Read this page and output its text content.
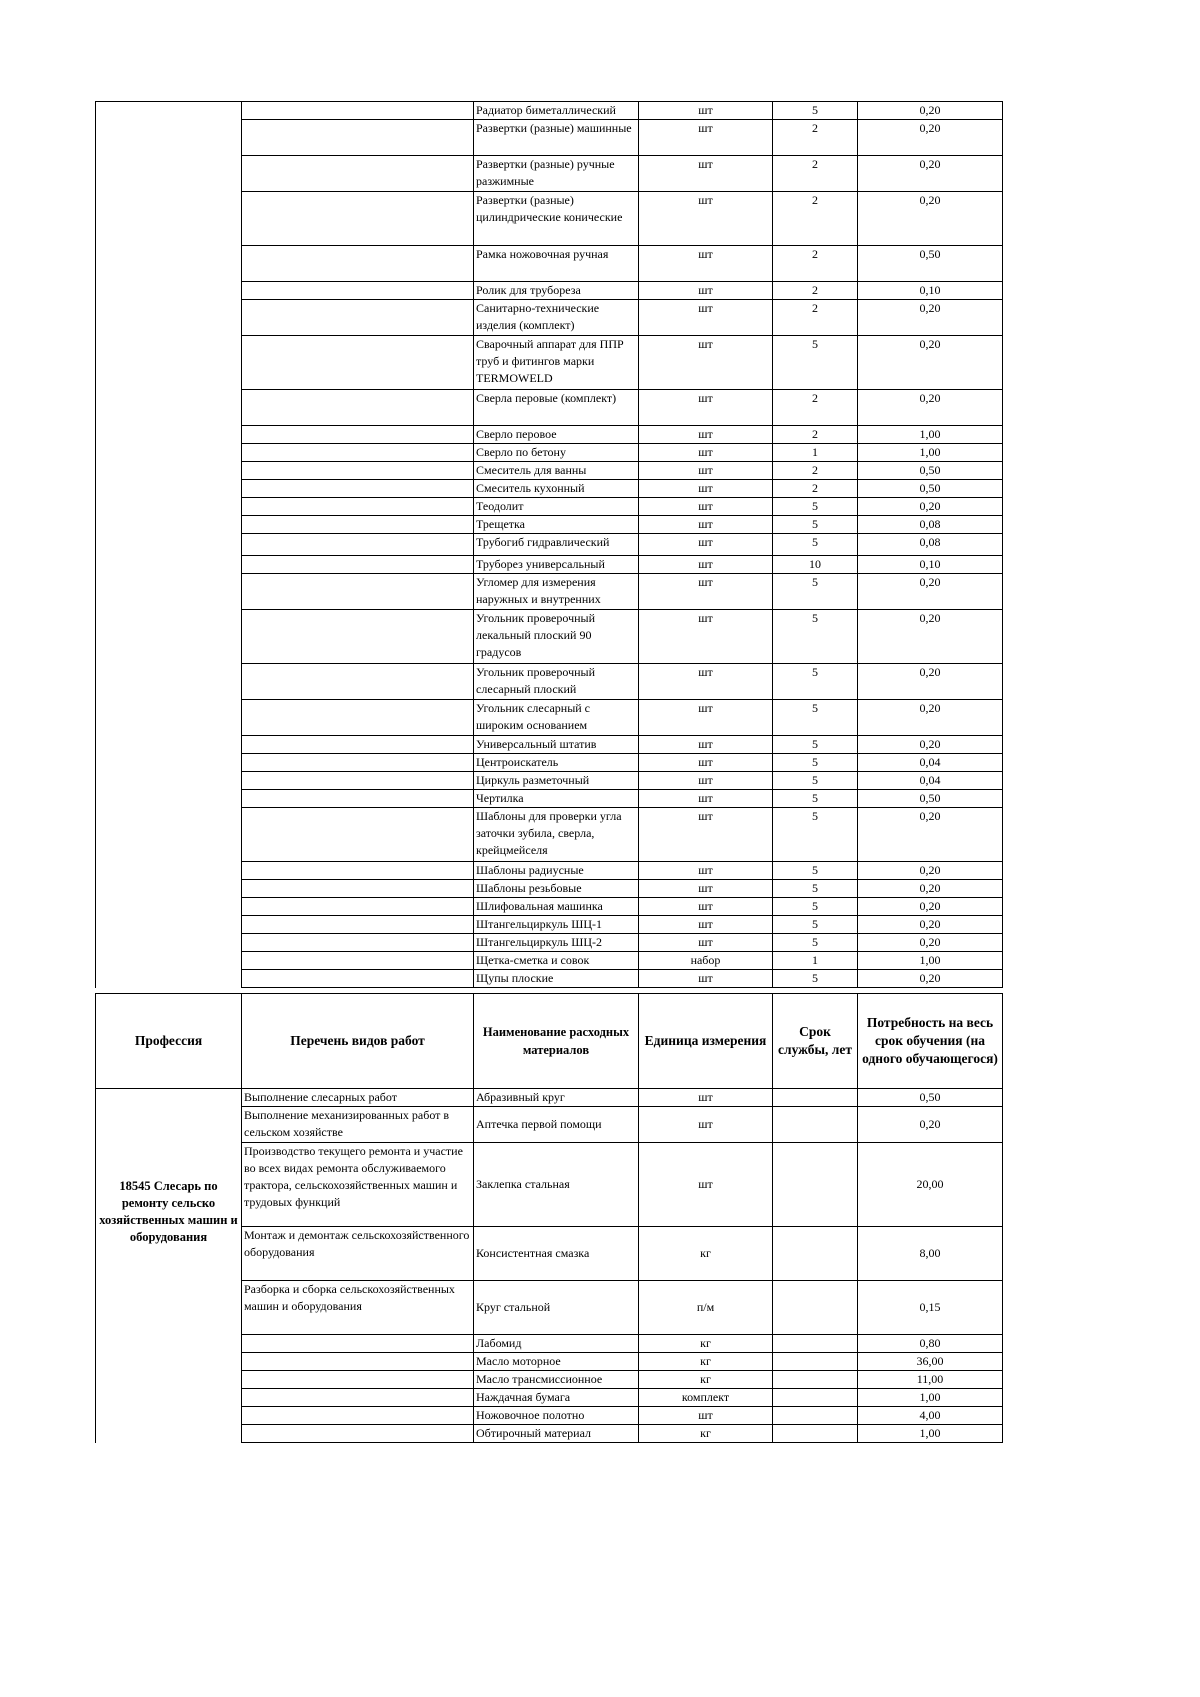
		Радиатор биметаллический	шт	5	0,20
		Развертки (разные) машинные	шт	2	0,20
		Развертки (разные) ручные разжимные	шт	2	0,20
		Развертки (разные) цилиндрические конические	шт	2	0,20
		Рамка ножовочная ручная	шт	2	0,50
		Ролик для трубореза	шт	2	0,10
		Санитарно-технические изделия (комплект)	шт	2	0,20
		Сварочный аппарат для ППР труб и фитингов марки TERMOWELD	шт	5	0,20
		Сверла перовые (комплект)	шт	2	0,20
		Сверло перовое	шт	2	1,00
		Сверло по бетону	шт	1	1,00
		Смеситель для ванны	шт	2	0,50
		Смеситель кухонный	шт	2	0,50
		Теодолит	шт	5	0,20
		Трещетка	шт	5	0,08
		Трубогиб гидравлический	шт	5	0,08
		Труборез универсальный	шт	10	0,10
		Угломер для измерения наружных и внутренних	шт	5	0,20
		Угольник проверочный лекальный плоский 90 градусов	шт	5	0,20
		Угольник проверочный слесарный плоский	шт	5	0,20
		Угольник слесарный с широким основанием	шт	5	0,20
		Универсальный штатив	шт	5	0,20
		Центроискатель	шт	5	0,04
		Циркуль разметочный	шт	5	0,04
		Чертилка	шт	5	0,50
		Шаблоны для проверки угла заточки зубила, сверла, крейцмейселя	шт	5	0,20
		Шаблоны радиусные	шт	5	0,20
		Шаблоны резьбовые	шт	5	0,20
		Шлифовальная машинка	шт	5	0,20
		Штангельциркуль ШЦ-1	шт	5	0,20
		Штангельциркуль ШЦ-2	шт	5	0,20
		Щетка-сметка и совок	набор	1	1,00
		Щупы плоские	шт	5	0,20
Профессия	Перечень видов работ	Наименование расходных материалов	Единица измерения	Срок службы, лет	Потребность на весь срок обучения (на одного обучающегося)
18545 Слесарь по ремонту сельско хозяйственных машин и оборудования	Выполнение слесарных работ	Абразивный круг	шт		0,50
	Выполнение механизированных работ в сельском хозяйстве	Аптечка первой помощи	шт		0,20
	Производство текущего ремонта и участие во всех видах ремонта обслуживаемого трактора, сельскохозяйственных машин и трудовых функций	Заклепка стальная	шт		20,00
	Монтаж и демонтаж сельскохозяйственного оборудования	Консистентная смазка	кг		8,00
	Разборка и сборка сельскохозяйственных машин и оборудования	Круг стальной	п/м		0,15
		Лабомид	кг		0,80
		Масло моторное	кг		36,00
		Масло трансмиссионное	кг		11,00
		Наждачная бумага	комплект		1,00
		Ножовочное полотно	шт		4,00
		Обтирочный материал	кг		1,00
